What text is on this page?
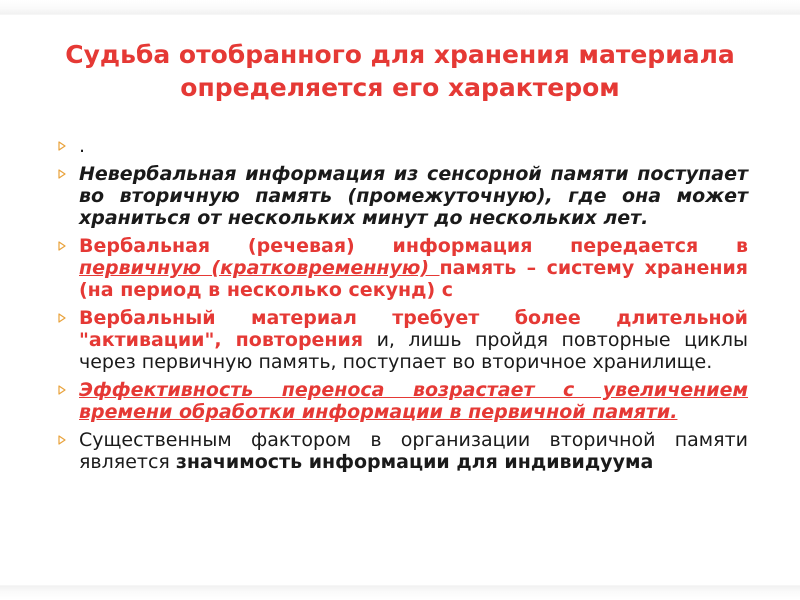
Судьба отобранного для хранения материала
определяется его характером
.
Невербальная информация из сенсорной памяти поступает во вторичную память (промежуточную), где она может храниться от нескольких минут до нескольких лет.
Вербальная (речевая) информация передается в первичную (кратковременную) память – систему хранения (на период в несколько секунд) с
Вербальный материал требует более длительной "активации", повторения и, лишь пройдя повторные циклы через первичную память, поступает во вторичное хранилище.
Эффективность переноса возрастает с увеличением времени обработки информации в первичной памяти.
Существенным фактором в организации вторичной памяти является значимость информации для индивидуума
